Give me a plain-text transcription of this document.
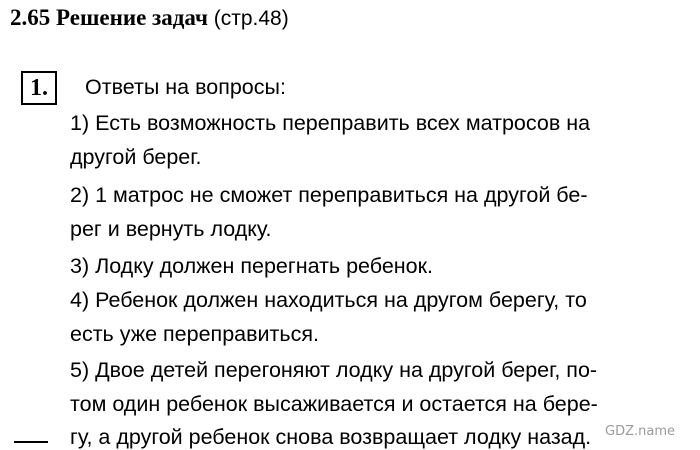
2.65 Решение задач (стр.48)
1.	Ответы на вопросы:
1) Есть возможность переправить всех матросов на
другой берег.
2) 1 матрос не сможет переправиться на другой бе-
рег и вернуть лодку.
3) Лодку должен перегнать ребенок.
4) Ребенок должен находиться на другом берегу, то
есть уже переправиться.
5) Двое детей перегоняют лодку на другой берег, по-
том один ребенок высаживается и остается на бере-
гу, а другой ребенок снова возвращает лодку назад. GDZ.name
